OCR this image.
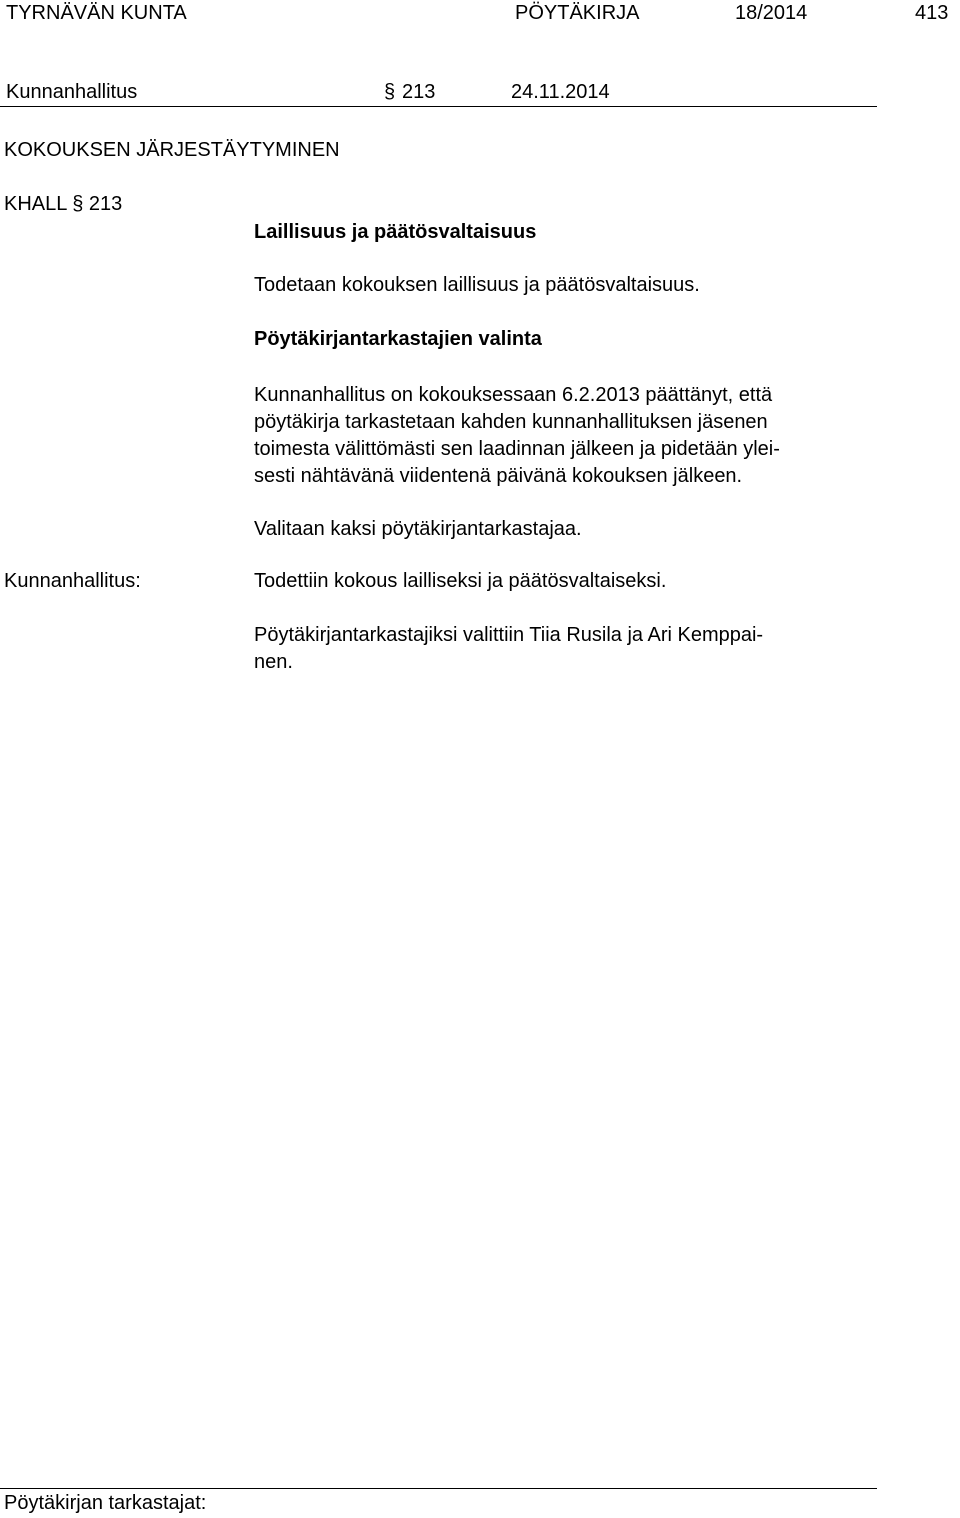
TYRNÄVÄN KUNTA	PÖYTÄKIRJA	18/2014	413
Kunnanhallitus	§ 213	24.11.2014
KOKOUKSEN JÄRJESTÄYTYMINEN
KHALL § 213
Laillisuus ja päätösvaltaisuus
Todetaan kokouksen laillisuus ja päätösvaltaisuus.
Pöytäkirjantarkastajien valinta
Kunnanhallitus on kokouksessaan 6.2.2013 päättänyt, että
pöytäkirja tarkastetaan kahden kunnanhallituksen jäsenen
toimesta välittömästi sen laadinnan jälkeen ja pidetään ylei-
sesti nähtävänä viidentenä päivänä kokouksen jälkeen.
Valitaan kaksi pöytäkirjantarkastajaa.
Kunnanhallitus:	Todettiin kokous lailliseksi ja päätösvaltaiseksi.
Pöytäkirjantarkastajiksi valittiin Tiia Rusila ja Ari Kemppai-
nen.
Pöytäkirjan tarkastajat:
